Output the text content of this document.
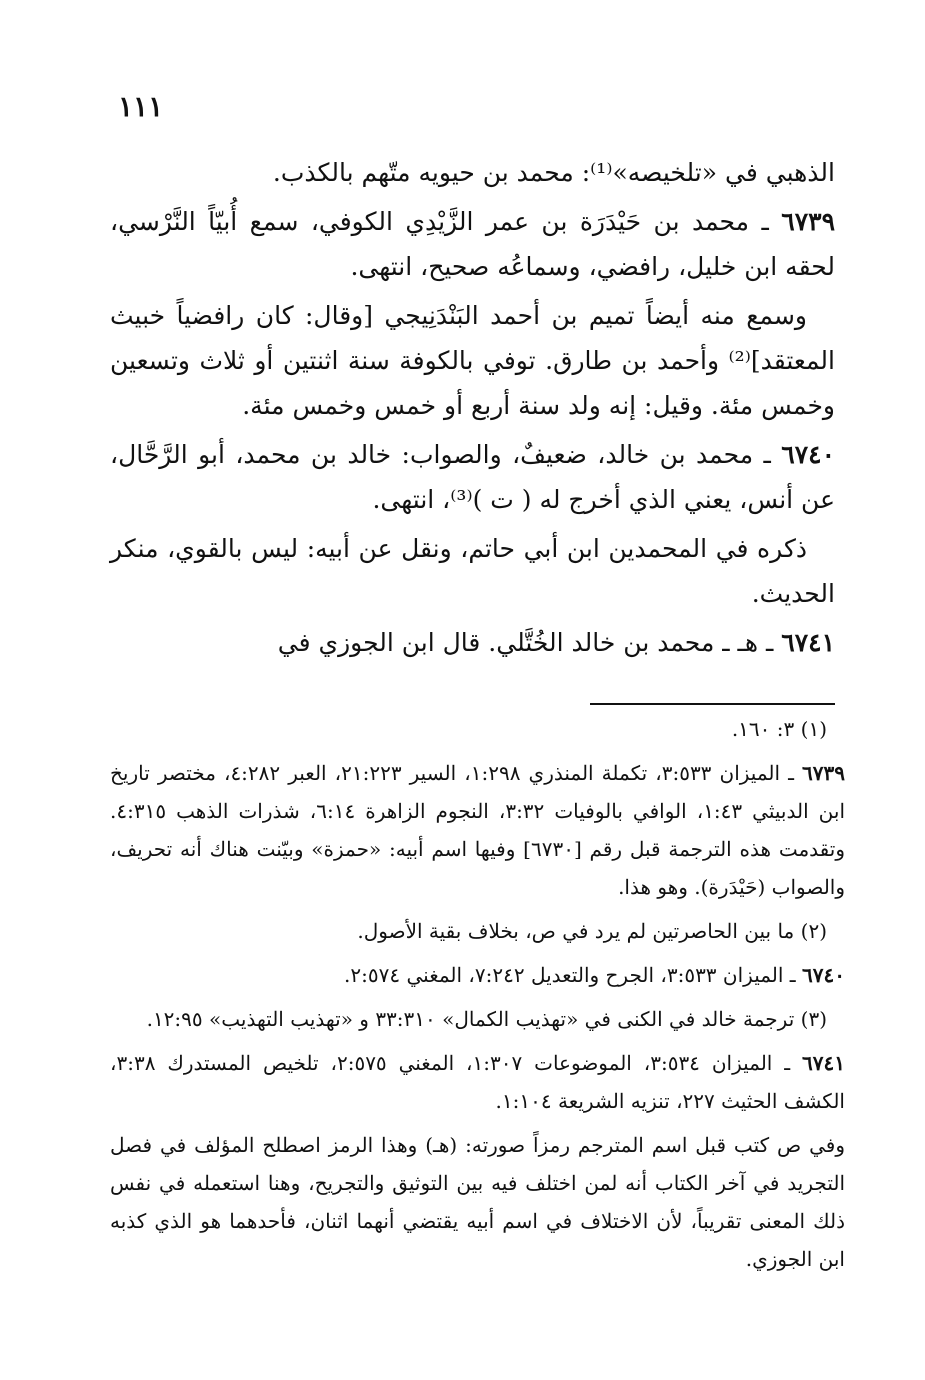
١١١

الذهبي في «تلخيصه»⁽¹⁾: محمد بن حيويه متّهم بالكذب.

٦٧٣٩ ـ محمد بن حَيْدَرَة بن عمر الزَّيْدِي الكوفي، سمع أُبيّاً النَّرْسي، لحقه ابن خليل، رافضي، وسماعُه صحيح، انتهى.

وسمع منه أيضاً تميم بن أحمد البَنْدَنِيجي [وقال: كان رافضياً خبيث المعتقد]⁽²⁾ وأحمد بن طارق. توفي بالكوفة سنة اثنتين أو ثلاث وتسعين وخمس مئة. وقيل: إنه ولد سنة أربع أو خمس وخمس مئة.

٦٧٤٠ ـ محمد بن خالد، ضعيفٌ، والصواب: خالد بن محمد، أبو الرَّحَّال، عن أنس، يعني الذي أخرج له ( ت )⁽³⁾، انتهى.

ذكره في المحمدين ابن أبي حاتم، ونقل عن أبيه: ليس بالقوي، منكر الحديث.

٦٧٤١ ـ هـ ـ محمد بن خالد الخُتَّلي. قال ابن الجوزي في

(١) ٣: ١٦٠.

٦٧٣٩ ـ الميزان ٣:٥٣٣، تكملة المنذري ١:٢٩٨، السير ٢١:٢٢٣، العبر ٤:٢٨٢، مختصر تاريخ ابن الدبيثي ١:٤٣، الوافي بالوفيات ٣:٣٢، النجوم الزاهرة ٦:١٤، شذرات الذهب ٤:٣١٥. وتقدمت هذه الترجمة قبل رقم [٦٧٣٠] وفيها اسم أبيه: «حمزة» وبيّنت هناك أنه تحريف، والصواب (حَيْدَرة). وهو هذا.

(٢) ما بين الحاصرتين لم يرد في ص، بخلاف بقية الأصول.

٦٧٤٠ ـ الميزان ٣:٥٣٣، الجرح والتعديل ٧:٢٤٢، المغني ٢:٥٧٤.

(٣) ترجمة خالد في الكنى في «تهذيب الكمال» ٣٣:٣١٠ و «تهذيب التهذيب» ١٢:٩٥.

٦٧٤١ ـ الميزان ٣:٥٣٤، الموضوعات ١:٣٠٧، المغني ٢:٥٧٥، تلخيص المستدرك ٣:٣٨، الكشف الحثيث ٢٢٧، تنزيه الشريعة ١:١٠٤.

وفي ص كتب قبل اسم المترجم رمزاً صورته: (هـ) وهذا الرمز اصطلح المؤلف في فصل التجريد في آخر الكتاب أنه لمن اختلف فيه بين التوثيق والتجريح، وهنا استعمله في نفس ذلك المعنى تقريباً، لأن الاختلاف في اسم أبيه يقتضي أنهما اثنان، فأحدهما هو الذي كذبه ابن الجوزي.
